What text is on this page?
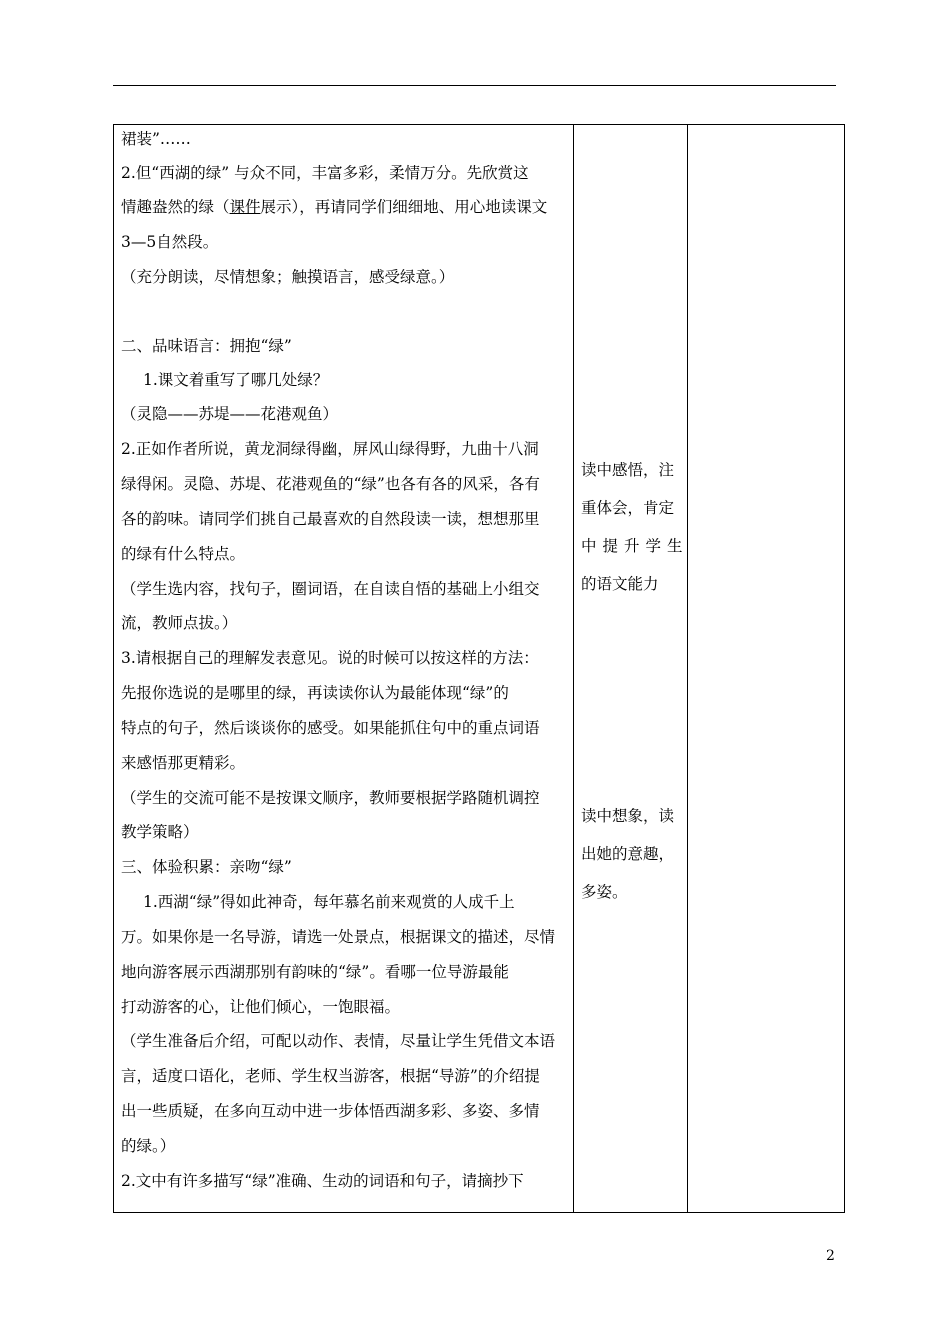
裙装”……
2.但“西湖的绿” 与众不同，丰富多彩，柔情万分。先欣赏这
情趣盎然的绿（课件展示），再请同学们细细地、用心地读课文
3—5自然段。
（充分朗读，尽情想象；触摸语言，感受绿意。）
二、品味语言：拥抱“绿”
1.课文着重写了哪几处绿？
（灵隐——苏堤——花港观鱼）
2.正如作者所说，黄龙洞绿得幽，屏风山绿得野，九曲十八洞
绿得闲。灵隐、苏堤、花港观鱼的“绿”也各有各的风采，各有
各的韵味。请同学们挑自己最喜欢的自然段读一读，想想那里
的绿有什么特点。
（学生选内容，找句子，圈词语，在自读自悟的基础上小组交
流，教师点拔。）
3.请根据自己的理解发表意见。说的时候可以按这样的方法：
先报你选说的是哪里的绿，再读读你认为最能体现“绿”的
特点的句子，然后谈谈你的感受。如果能抓住句中的重点词语
来感悟那更精彩。
（学生的交流可能不是按课文顺序，教师要根据学路随机调控
教学策略）
三、体验积累：亲吻“绿”
1.西湖“绿”得如此神奇，每年慕名前来观赏的人成千上
万。如果你是一名导游，请选一处景点，根据课文的描述，尽情
地向游客展示西湖那别有韵味的“绿”。看哪一位导游最能
打动游客的心，让他们倾心，一饱眼福。
（学生准备后介绍，可配以动作、表情，尽量让学生凭借文本语
言，适度口语化，老师、学生权当游客，根据“导游”的介绍提
出一些质疑，在多向互动中进一步体悟西湖多彩、多姿、多情
的绿。）
2.文中有许多描写“绿”准确、生动的词语和句子，请摘抄下
读中感悟，注
重体会，肯定
中提升学生
的语文能力
读中想象，读
出她的意趣，
多姿。
2
